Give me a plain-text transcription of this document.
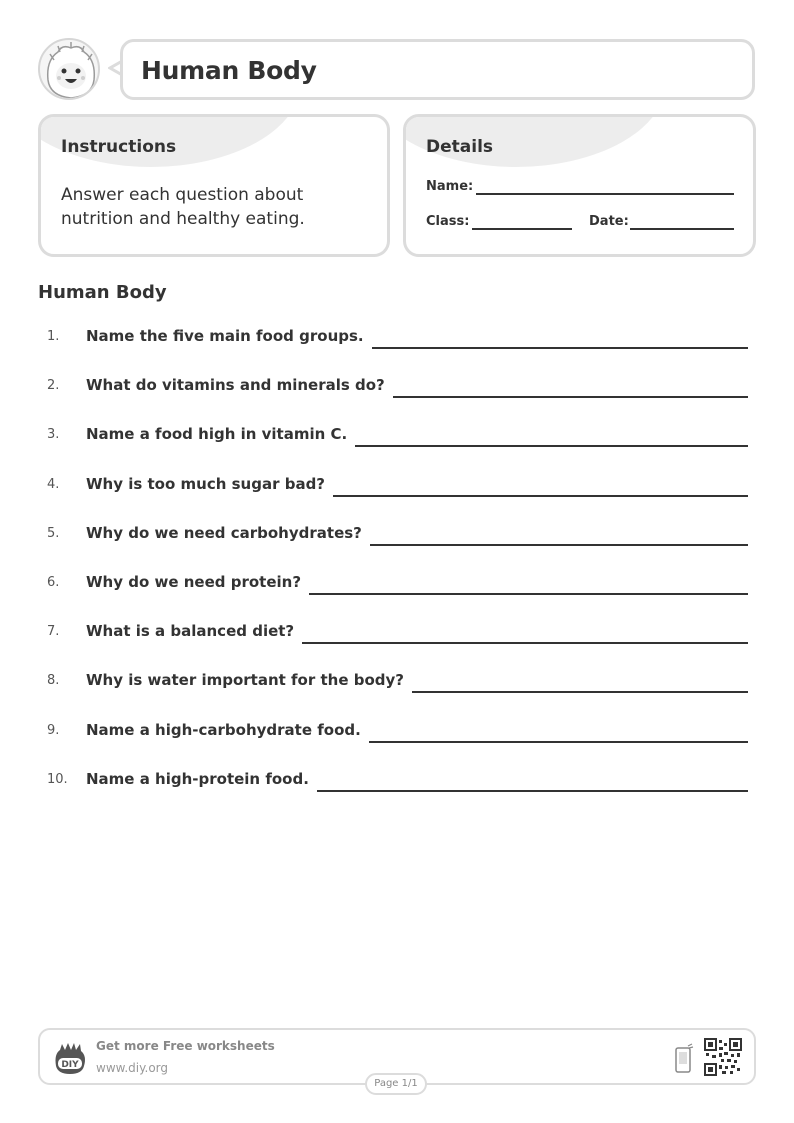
Human Body
Instructions
Answer each question about nutrition and healthy eating.
Details
Name:
Class:	Date:
Human Body
1.	Name the five main food groups.
2.	What do vitamins and minerals do?
3.	Name a food high in vitamin C.
4.	Why is too much sugar bad?
5.	Why do we need carbohydrates?
6.	Why do we need protein?
7.	What is a balanced diet?
8.	Why is water important for the body?
9.	Name a high-carbohydrate food.
10.	Name a high-protein food.
DIY
Get more Free worksheets
www.diy.org
Page 1/1
